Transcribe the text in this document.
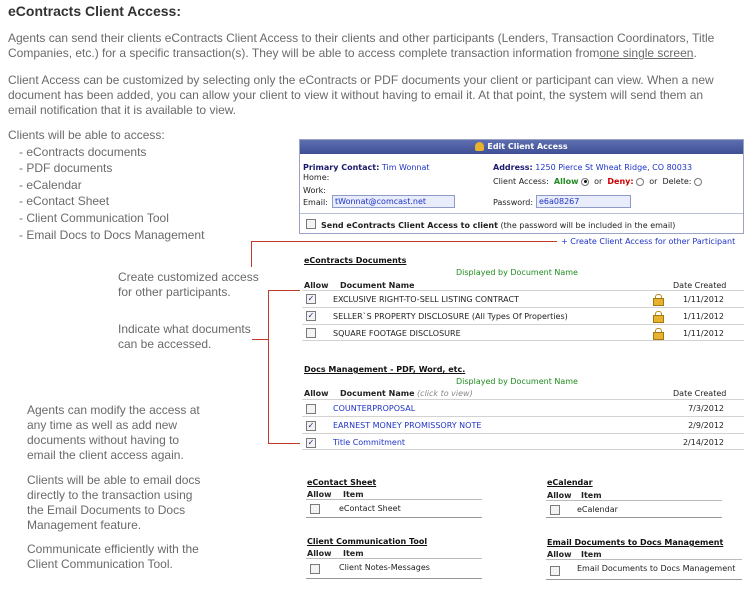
eContracts Client Access:
Agents can send their clients eContracts Client Access to their clients and other participants (Lenders, Transaction Coordinators, Title
Companies, etc.) for a specific transaction(s). They will be able to access complete transaction information fromone single screen.
Client Access can be customized by selecting only the eContracts or PDF documents your client or participant can view. When a new
document has been added, you can allow your client to view it without having to email it. At that point, the system will send them an
email notification that it is available to view.
Clients will be able to access:
- eContracts documents
- PDF documents
- eCalendar
- eContact Sheet
- Client Communication Tool
- Email Docs to Docs Management
Create customized access
for other participants.
Indicate what documents
can be accessed.
Agents can modify the access at
any time as well as add new
documents without having to
email the client access again.
Clients will be able to email docs
directly to the transaction using
the Email Documents to Docs
Management feature.
Communicate efficiently with the
Client Communication Tool.
Edit Client Access
Primary Contact: Tim Wonnat
Home:
Work:
Email: tWonnat@comcast.net
Address: 1250 Pierce St Wheat Ridge, CO 80033
Client Access: Allow or Deny: or Delete:
Password: e6a08267
Send eContracts Client Access to client (the password will be included in the email)
+ Create Client Access for other Participant
eContracts Documents
Displayed by Document Name
Allow Document Name	Date Created
✓ EXCLUSIVE RIGHT-TO-SELL LISTING CONTRACT	1/11/2012
✓ SELLER`S PROPERTY DISCLOSURE (All Types Of Properties)	1/11/2012
SQUARE FOOTAGE DISCLOSURE	1/11/2012
Docs Management - PDF, Word, etc.
Displayed by Document Name
Allow Document Name (click to view)	Date Created
COUNTERPROPOSAL	7/3/2012
✓ EARNEST MONEY PROMISSORY NOTE	2/9/2012
✓ Title Commitment	2/14/2012
eContact Sheet
Allow Item
eContact Sheet
eCalendar
Allow Item
eCalendar
Client Communication Tool
Allow Item
Client Notes-Messages
Email Documents to Docs Management
Allow Item
Email Documents to Docs Management
